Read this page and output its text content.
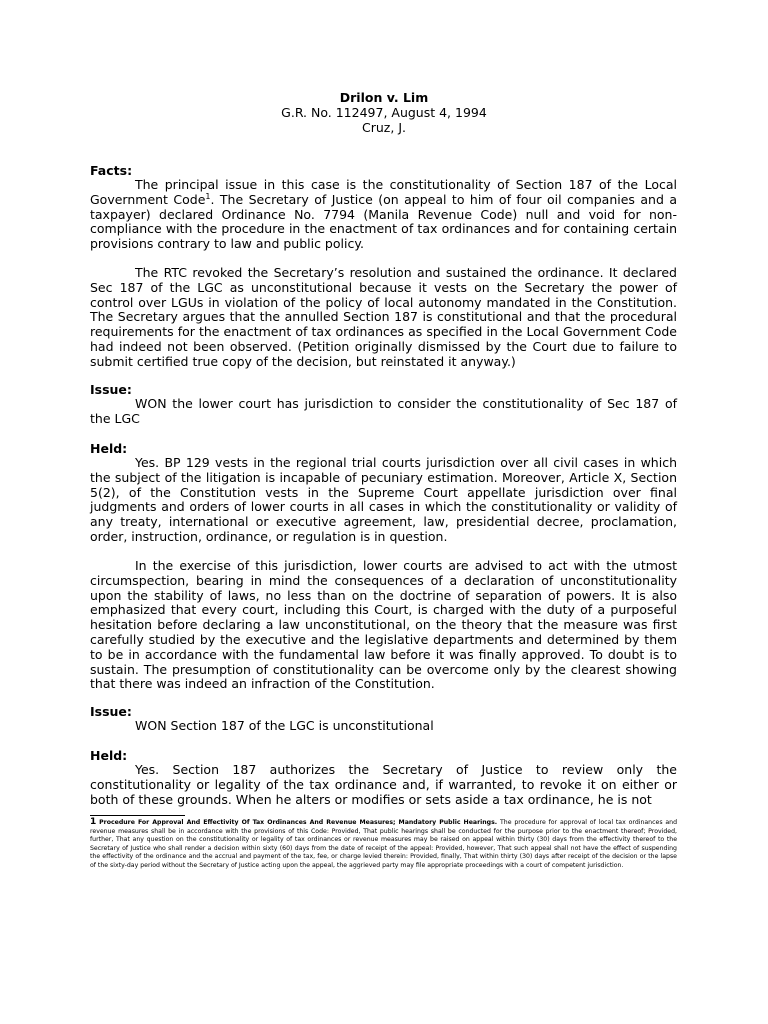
Drilon v. Lim
G.R. No. 112497, August 4, 1994
Cruz, J.
Facts:

The principal issue in this case is the constitutionality of Section 187 of the Local Government Code$^1$. The Secretary of Justice (on appeal to him of four oil companies and a taxpayer) declared Ordinance No. 7794 (Manila Revenue Code) null and void for non-compliance with the procedure in the enactment of tax ordinances and for containing certain provisions contrary to law and public policy.

The RTC revoked the Secretary’s resolution and sustained the ordinance. It declared Sec 187 of the LGC as unconstitutional because it vests on the Secretary the power of control over LGUs in violation of the policy of local autonomy mandated in the Constitution. The Secretary argues that the annulled Section 187 is constitutional and that the procedural requirements for the enactment of tax ordinances as specified in the Local Government Code had indeed not been observed. (Petition originally dismissed by the Court due to failure to submit certified true copy of the decision, but reinstated it anyway.)

Issue:

WON the lower court has jurisdiction to consider the constitutionality of Sec 187 of the LGC

Held:

Yes. BP 129 vests in the regional trial courts jurisdiction over all civil cases in which the subject of the litigation is incapable of pecuniary estimation. Moreover, Article X, Section 5(2), of the Constitution vests in the Supreme Court appellate jurisdiction over final judgments and orders of lower courts in all cases in which the constitutionality or validity of any treaty, international or executive agreement, law, presidential decree, proclamation, order, instruction, ordinance, or regulation is in question.

In the exercise of this jurisdiction, lower courts are advised to act with the utmost circumspection, bearing in mind the consequences of a declaration of unconstitutionality upon the stability of laws, no less than on the doctrine of separation of powers. It is also emphasized that every court, including this Court, is charged with the duty of a purposeful hesitation before declaring a law unconstitutional, on the theory that the measure was first carefully studied by the executive and the legislative departments and determined by them to be in accordance with the fundamental law before it was finally approved. To doubt is to sustain. The presumption of constitutionality can be overcome only by the clearest showing that there was indeed an infraction of the Constitution.

Issue:

WON Section 187 of the LGC is unconstitutional

Held:

Yes. Section 187 authorizes the Secretary of Justice to review only the constitutionality or legality of the tax ordinance and, if warranted, to revoke it on either or both of these grounds. When he alters or modifies or sets aside a tax ordinance, he is not

1 Procedure For Approval And Effectivity Of Tax Ordinances And Revenue Measures; Mandatory Public Hearings. The procedure for approval of local tax ordinances and revenue measures shall be in accordance with the provisions of this Code: Provided, That public hearings shall be conducted for the purpose prior to the enactment thereof; Provided, further, That any question on the constitutionality or legality of tax ordinances or revenue measures may be raised on appeal within thirty (30) days from the effectivity thereof to the Secretary of Justice who shall render a decision within sixty (60) days from the date of receipt of the appeal: Provided, however, That such appeal shall not have the effect of suspending the effectivity of the ordinance and the accrual and payment of the tax, fee, or charge levied therein: Provided, finally, That within thirty (30) days after receipt of the decision or the lapse of the sixty-day period without the Secretary of Justice acting upon the appeal, the aggrieved party may file appropriate proceedings with a court of competent jurisdiction.
